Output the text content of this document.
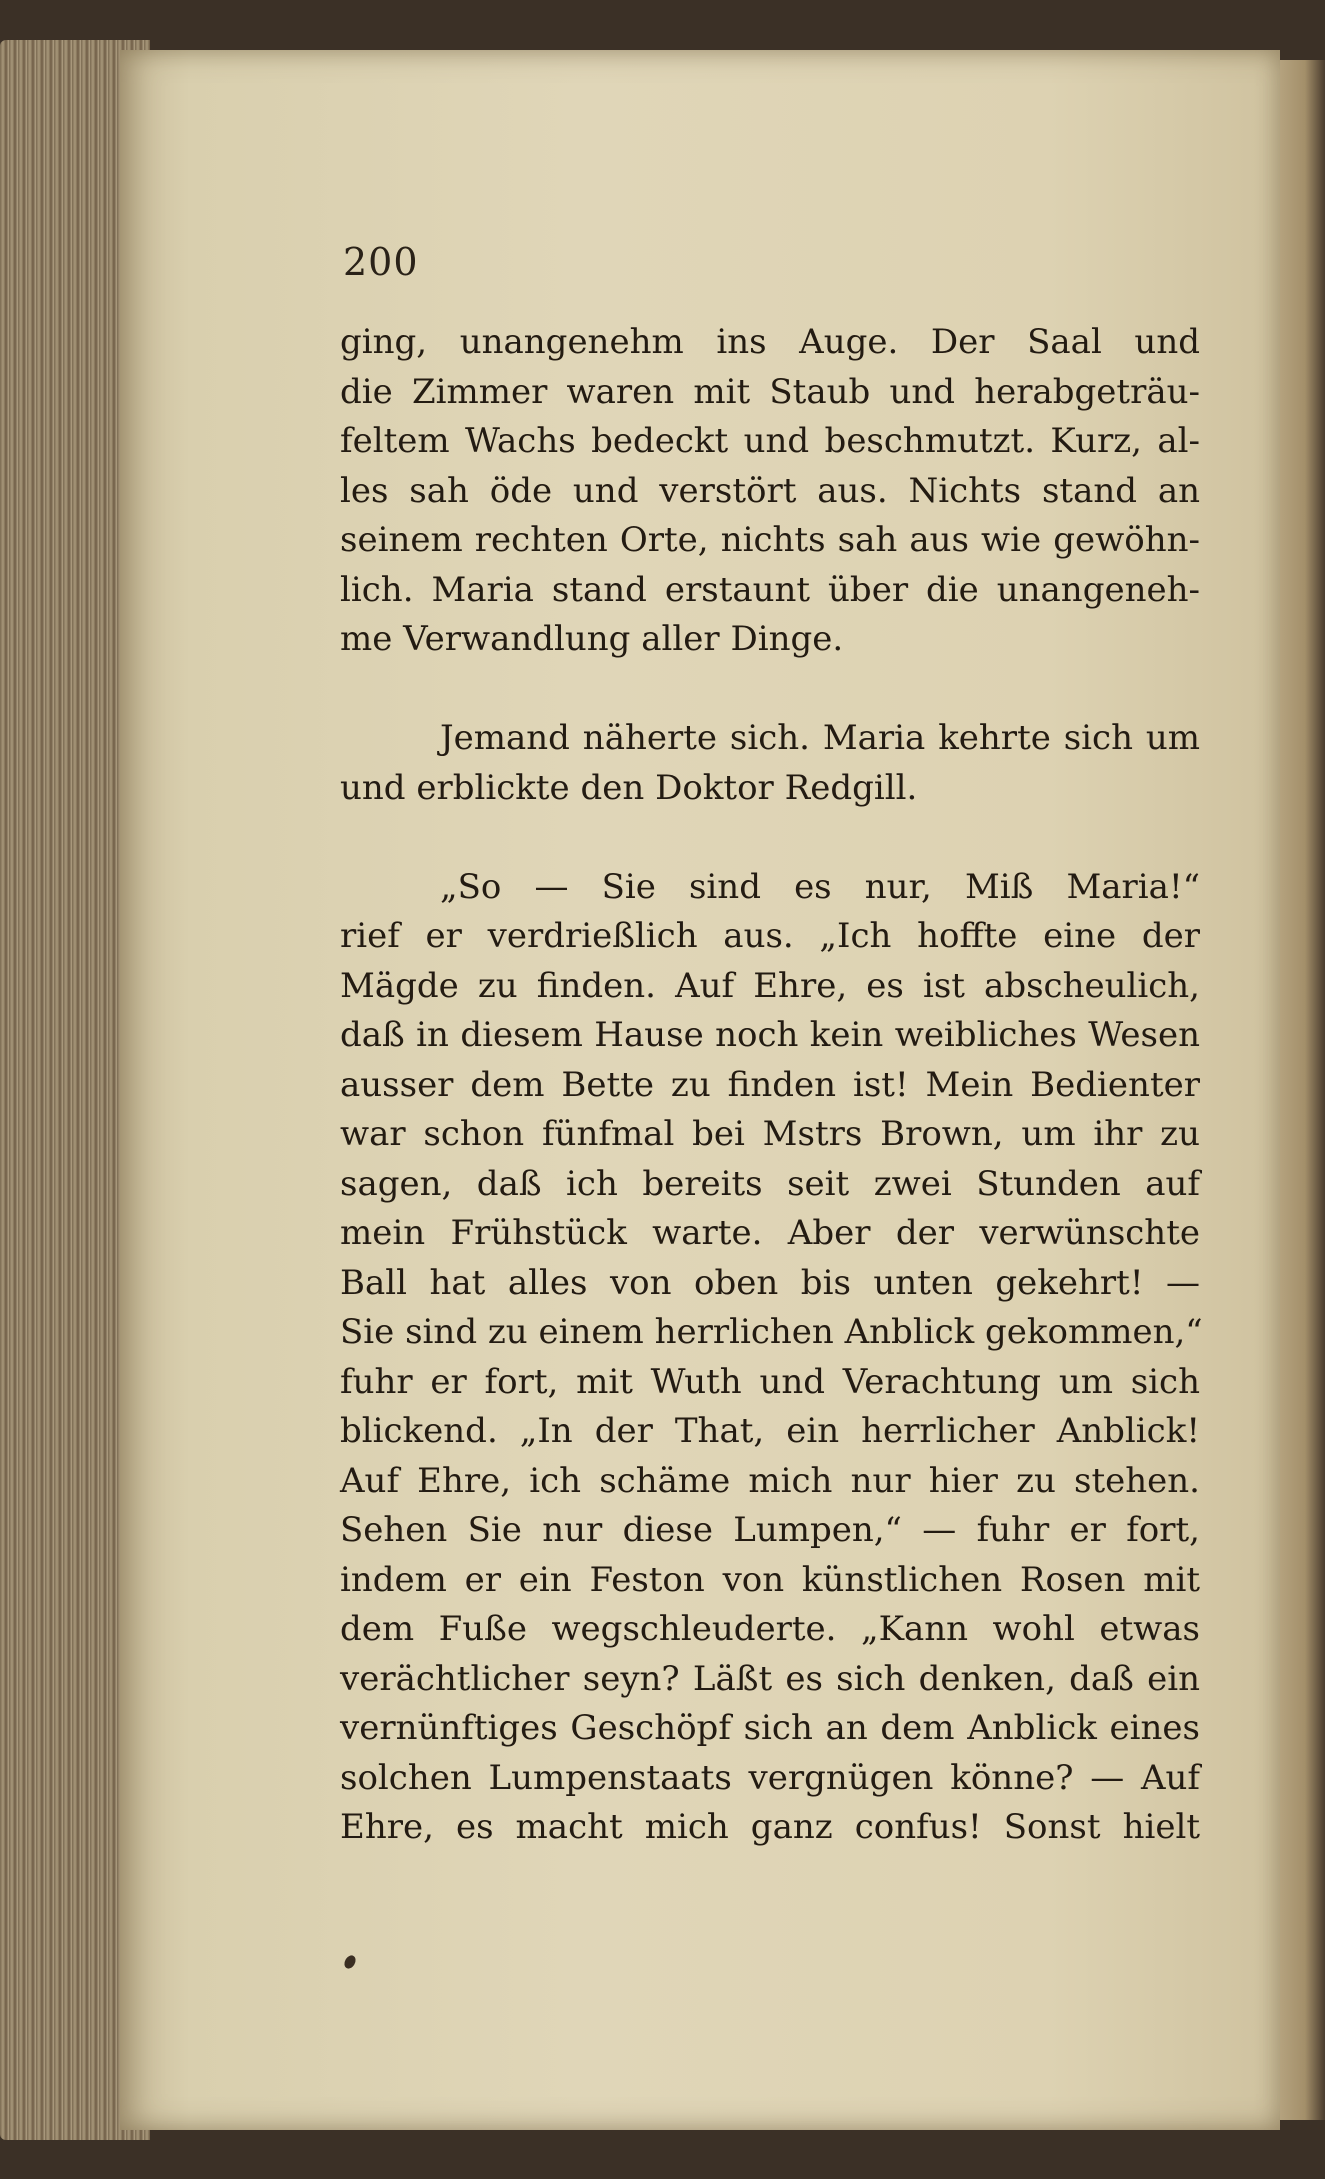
200
ging, unangenehm ins Auge. Der Saal und
die Zimmer waren mit Staub und herabgeträu-
feltem Wachs bedeckt und beschmutzt. Kurz, al-
les sah öde und verstört aus. Nichts stand an
seinem rechten Orte, nichts sah aus wie gewöhn-
lich. Maria stand erstaunt über die unangeneh-
me Verwandlung aller Dinge.
Jemand näherte sich. Maria kehrte sich um
und erblickte den Doktor Redgill.
„So — Sie sind es nur, Miß Maria!“
rief er verdrießlich aus. „Ich hoffte eine der
Mägde zu finden. Auf Ehre, es ist abscheulich,
daß in diesem Hause noch kein weibliches Wesen
ausser dem Bette zu finden ist! Mein Bedienter
war schon fünfmal bei Mstrs Brown, um ihr zu
sagen, daß ich bereits seit zwei Stunden auf
mein Frühstück warte. Aber der verwünschte
Ball hat alles von oben bis unten gekehrt! —
Sie sind zu einem herrlichen Anblick gekommen,“
fuhr er fort, mit Wuth und Verachtung um sich
blickend. „In der That, ein herrlicher Anblick!
Auf Ehre, ich schäme mich nur hier zu stehen.
Sehen Sie nur diese Lumpen,“ — fuhr er fort,
indem er ein Feston von künstlichen Rosen mit
dem Fuße wegschleuderte. „Kann wohl etwas
verächtlicher seyn? Läßt es sich denken, daß ein
vernünftiges Geschöpf sich an dem Anblick eines
solchen Lumpenstaats vergnügen könne? — Auf
Ehre, es macht mich ganz confus! Sonst hielt
